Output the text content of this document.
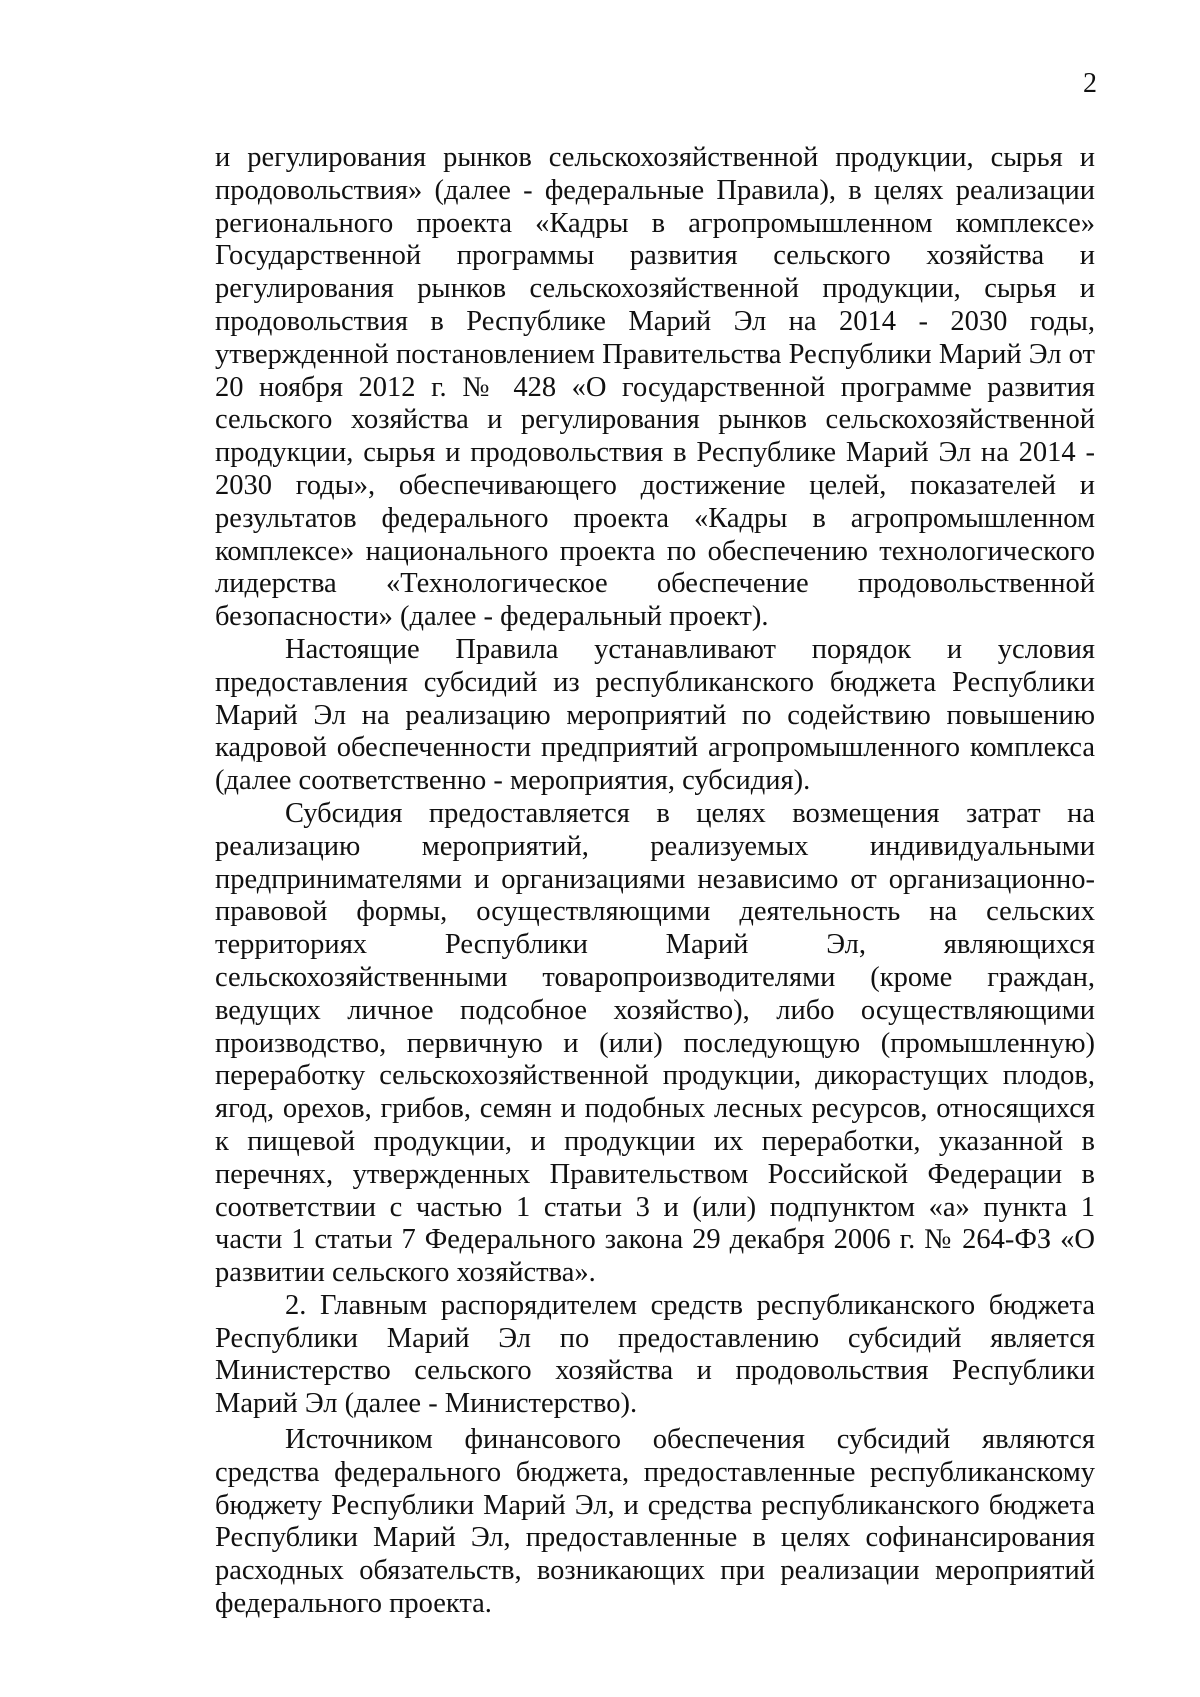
2

и регулирования рынков сельскохозяйственной продукции, сырья и продовольствия» (далее - федеральные Правила), в целях реализации регионального проекта «Кадры в агропромышленном комплексе» Государственной программы развития сельского хозяйства и регулирования рынков сельскохозяйственной продукции, сырья и продовольствия в Республике Марий Эл на 2014 - 2030 годы, утвержденной постановлением Правительства Республики Марий Эл от 20 ноября 2012 г. № 428 «О государственной программе развития сельского хозяйства и регулирования рынков сельскохозяйственной продукции, сырья и продовольствия в Республике Марий Эл на 2014 - 2030 годы», обеспечивающего достижение целей, показателей и результатов федерального проекта «Кадры в агропромышленном комплексе» национального проекта по обеспечению технологического лидерства «Технологическое обеспечение продовольственной безопасности» (далее - федеральный проект).

Настоящие Правила устанавливают порядок и условия предоставления субсидий из республиканского бюджета Республики Марий Эл на реализацию мероприятий по содействию повышению кадровой обеспеченности предприятий агропромышленного комплекса (далее соответственно - мероприятия, субсидия).

Субсидия предоставляется в целях возмещения затрат на реализацию мероприятий, реализуемых индивидуальными предпринимателями и организациями независимо от организационно-правовой формы, осуществляющими деятельность на сельских территориях Республики Марий Эл, являющихся сельскохозяйственными товаропроизводителями (кроме граждан, ведущих личное подсобное хозяйство), либо осуществляющими производство, первичную и (или) последующую (промышленную) переработку сельскохозяйственной продукции, дикорастущих плодов, ягод, орехов, грибов, семян и подобных лесных ресурсов, относящихся к пищевой продукции, и продукции их переработки, указанной в перечнях, утвержденных Правительством Российской Федерации в соответствии с частью 1 статьи 3 и (или) подпунктом «а» пункта 1 части 1 статьи 7 Федерального закона 29 декабря 2006 г. № 264-ФЗ «О развитии сельского хозяйства».

2. Главным распорядителем средств республиканского бюджета Республики Марий Эл по предоставлению субсидий является Министерство сельского хозяйства и продовольствия Республики Марий Эл (далее - Министерство).

Источником финансового обеспечения субсидий являются средства федерального бюджета, предоставленные республиканскому бюджету Республики Марий Эл, и средства республиканского бюджета Республики Марий Эл, предоставленные в целях софинансирования расходных обязательств, возникающих при реализации мероприятий федерального проекта.
